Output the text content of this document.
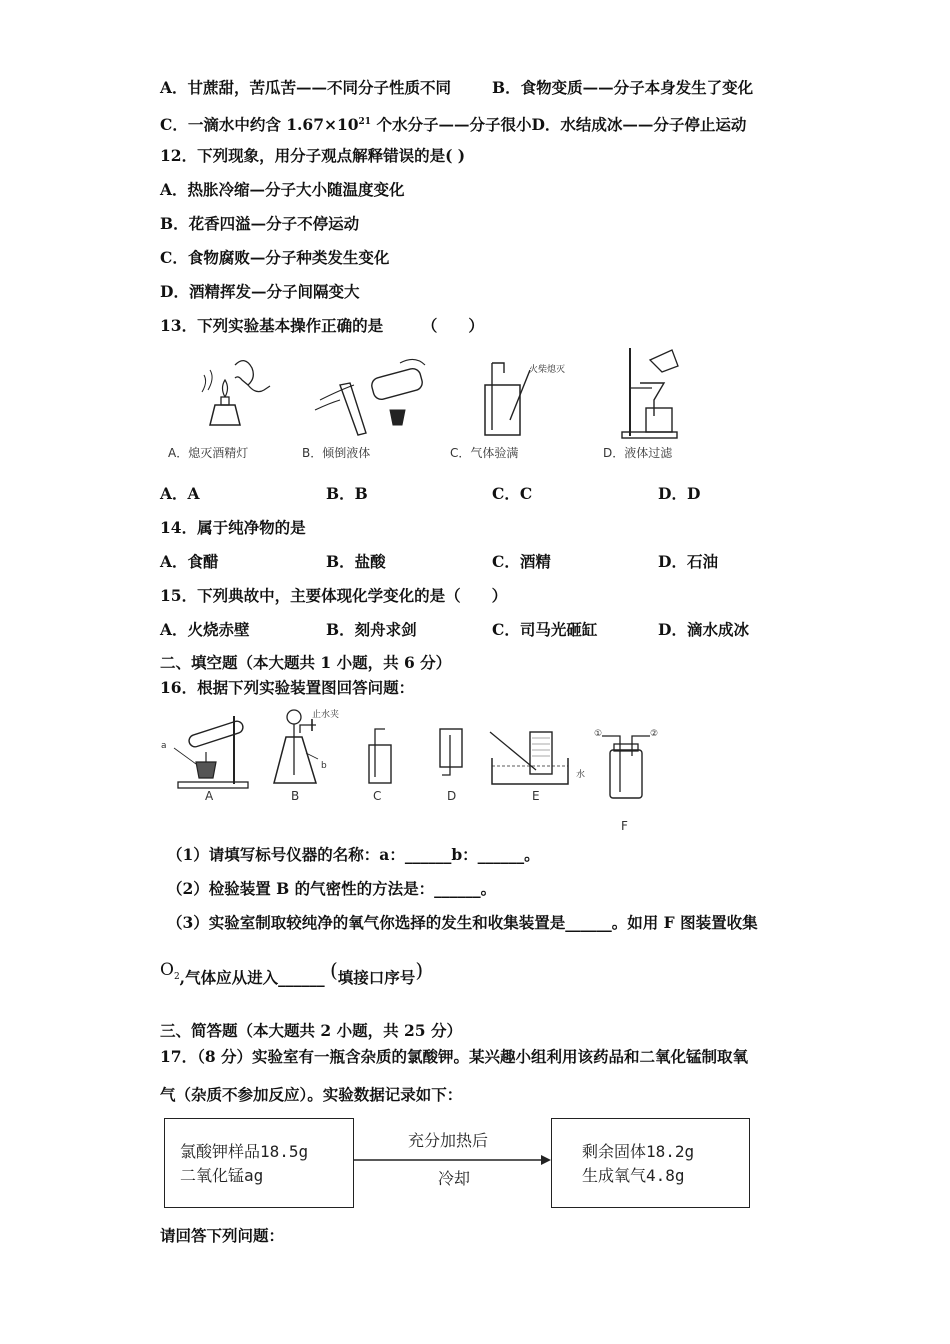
A．甘蔗甜，苦瓜苦——不同分子性质不同	B．食物变质——分子本身发生了变化
C．一滴水中约含 $1.67\times 10^{21}$ 个水分子——分子很小D．水结成冰——分子停止运动
12．下列现象，用分子观点解释错误的是( )
A．热胀冷缩—分子大小随温度变化
B．花香四溢—分子不停运动
C．食物腐败—分子种类发生变化
D．酒精挥发—分子间隔变大
13．下列实验基本操作正确的是　　　（　　）
A．熄灭酒精灯	B．倾倒液体
火柴熄灭
C．气体验满	D．液体过滤
A．A	B．B	C．C	D．D
14．属于纯净物的是
A．食醋	B．盐酸	C．酒精	D．石油
15．下列典故中，主要体现化学变化的是（　　）
A．火烧赤壁	B．刻舟求剑	C．司马光砸缸	D．滴水成冰
二、填空题（本大题共 1 小题，共 6 分）
16．根据下列实验装置图回答问题：
a
A
止水夹
b
B	C	D
水
E
①	②
F
（1）请填写标号仪器的名称：a：______b：______。
（2）检验装置 B 的气密性的方法是：______。
（3）实验室制取较纯净的氧气你选择的发生和收集装置是______。如用 F 图装置收集
$O_2$,气体应从进入______ (填接口序号)
三、简答题（本大题共 2 小题，共 25 分）
17．（8 分）实验室有一瓶含杂质的氯酸钾。某兴趣小组利用该药品和二氧化锰制取氧
气（杂质不参加反应）。实验数据记录如下：
氯酸钾样品18.5g
二氧化锰ag
充分加热后
冷却
剩余固体18.2g
生成氧气4.8g
请回答下列问题：
